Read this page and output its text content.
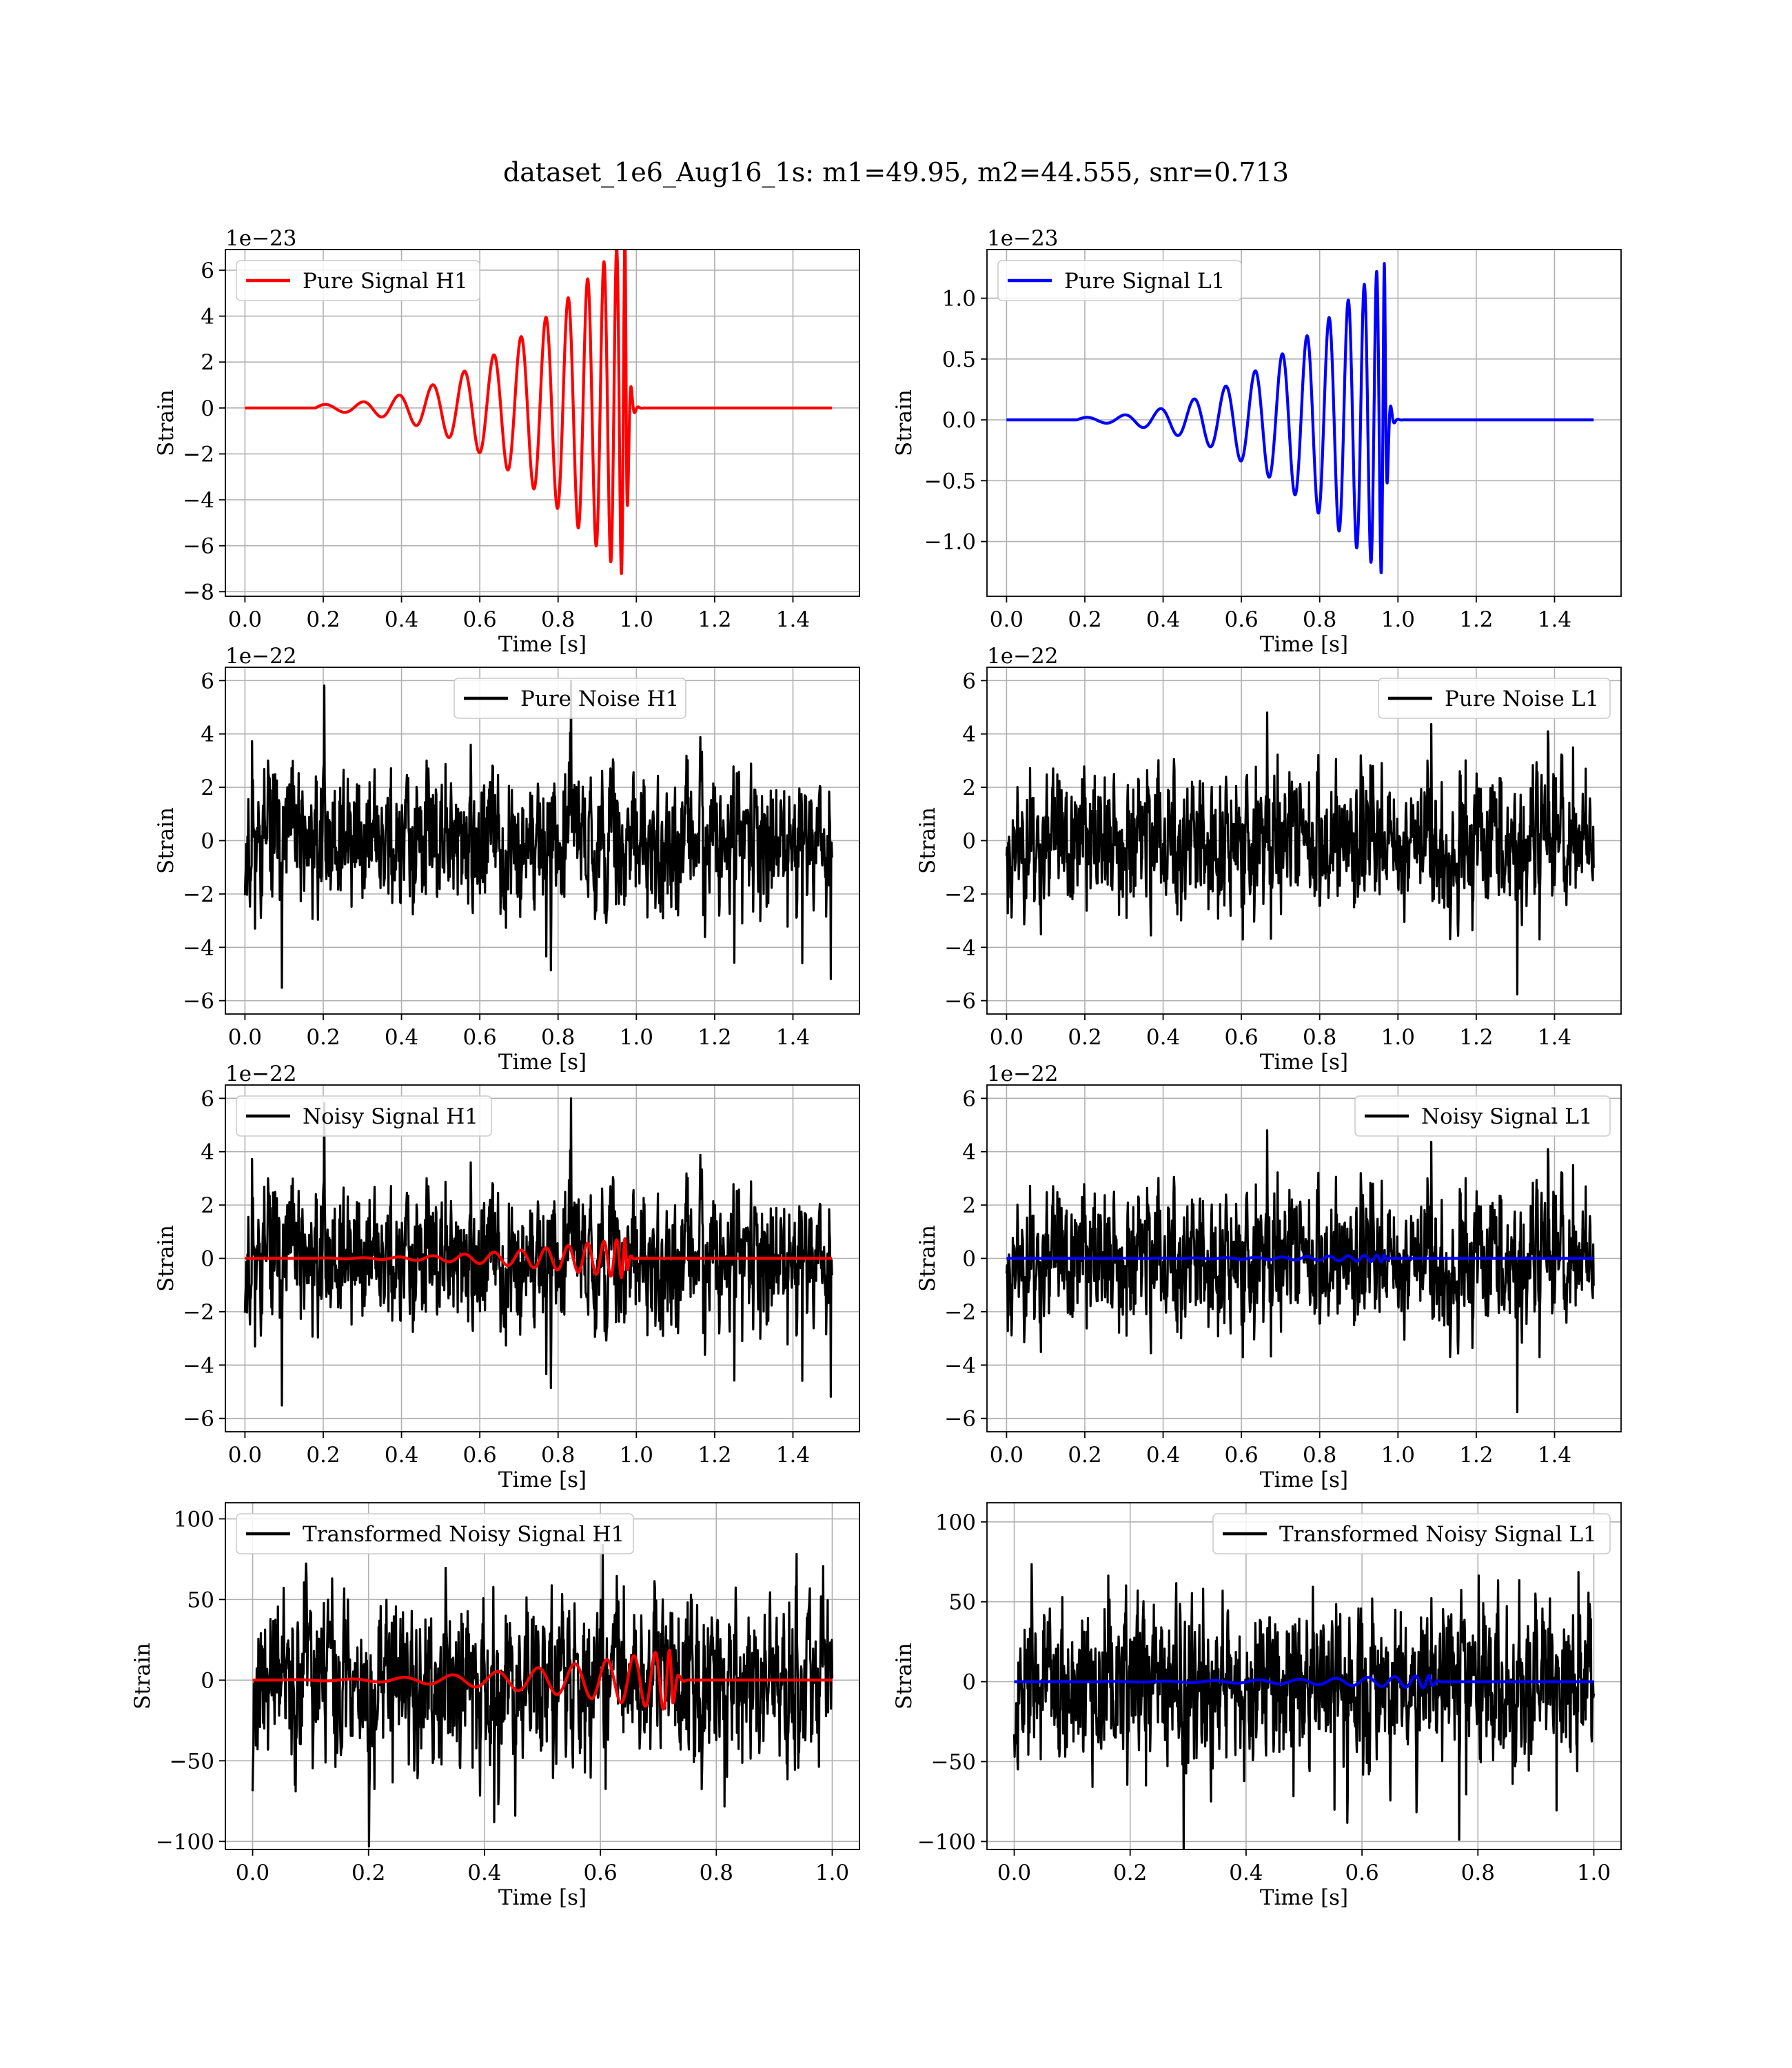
dataset_1e6_Aug16_1s: m1=49.95, m2=44.555, snr=0.713
0.0 0.2 0.4 0.6 0.8 1.0 1.2 1.4
−8
−6
−4
−2
0
2
4
6
1e−23
Time [s]
Strain
Pure Signal H1
0.0 0.2 0.4 0.6 0.8 1.0 1.2 1.4
−1.0
−0.5
0.0
0.5
1.0
1e−23
Time [s]
Strain
Pure Signal L1
0.0 0.2 0.4 0.6 0.8 1.0 1.2 1.4
−6
−4
−2
0
2
4
6
1e−22
Time [s]
Strain
Pure Noise H1
0.0 0.2 0.4 0.6 0.8 1.0 1.2 1.4
−6
−4
−2
0
2
4
6
1e−22
Time [s]
Strain
Pure Noise L1
0.0 0.2 0.4 0.6 0.8 1.0 1.2 1.4
−6
−4
−2
0
2
4
6
1e−22
Time [s]
Strain
Noisy Signal H1
0.0 0.2 0.4 0.6 0.8 1.0 1.2 1.4
−6
−4
−2
0
2
4
6
1e−22
Time [s]
Strain
Noisy Signal L1
0.0	0.2	0.4	0.6	0.8	1.0
−100
−50
0
50
100
Time [s]
Strain
Transformed Noisy Signal H1
0.0	0.2	0.4	0.6	0.8	1.0
−100
−50
0
50
100
Time [s]
Strain
Transformed Noisy Signal L1
